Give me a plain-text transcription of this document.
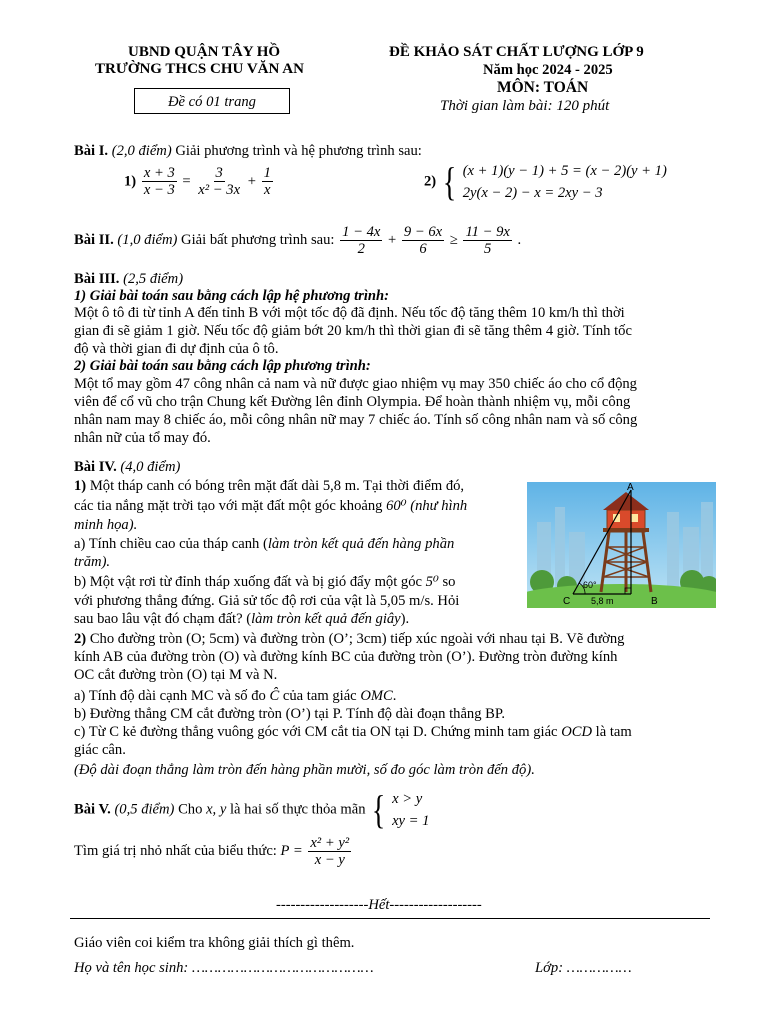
UBND QUẬN TÂY HỒ
TRƯỜNG THCS CHU VĂN AN
Đề có 01 trang
ĐỀ KHẢO SÁT CHẤT LƯỢNG LỚP 9
Năm học 2024 - 2025
MÔN: TOÁN
Thời gian làm bài: 120 phút
Bài I. (2,0 điểm) Giải phương trình và hệ phương trình sau:
$1) \frac{x + 3}{x - 3} = \frac{3}{\text{x² − 3x}} + \frac{1}{x}$	2) { (x + 1)(y − 1) + 5 = (x − 2)(y + 1)
2y(x − 2) − x = 2xy − 3
Bài II. (1,0 điểm) Giải bất phương trình sau: $\frac{1 - 4x}{2} + \frac{9 - 6x}{6} \ge \frac{11 - 9x}{5}$ .
Bài III. (2,5 điểm)
1) Giải bài toán sau bằng cách lập hệ phương trình:
Một ô tô đi từ tỉnh A đến tỉnh B với một tốc độ đã định. Nếu tốc độ tăng thêm 10 km/h thì thời
gian đi sẽ giảm 1 giờ. Nếu tốc độ giảm bớt 20 km/h thì thời gian đi sẽ tăng thêm 4 giờ. Tính tốc
độ và thời gian đi dự định của ô tô.
2) Giải bài toán sau bằng cách lập phương trình:
Một tổ may gồm 47 công nhân cả nam và nữ được giao nhiệm vụ may 350 chiếc áo cho cổ động
viên để cổ vũ cho trận Chung kết Đường lên đỉnh Olympia. Để hoàn thành nhiệm vụ, mỗi công
nhân nam may 8 chiếc áo, mỗi công nhân nữ may 7 chiếc áo. Tính số công nhân nam và số công
nhân nữ của tổ may đó.
Bài IV. (4,0 điểm)
1) Một tháp canh có bóng trên mặt đất dài 5,8 m. Tại thời điểm đó,
các tia nắng mặt trời tạo với mặt đất một góc khoảng 60⁰ (như hình
minh họa).
a) Tính chiều cao của tháp canh (làm tròn kết quả đến hàng phần
trăm).
b) Một vật rơi từ đỉnh tháp xuống đất và bị gió đẩy một góc 5⁰ so
với phương thẳng đứng. Giả sử tốc độ rơi của vật là 5,05 m/s. Hỏi
sau bao lâu vật đó chạm đất? (làm tròn kết quả đến giây).
A
B
C
60°
5,8 m
2) Cho đường tròn (O; 5cm) và đường tròn (O’; 3cm) tiếp xúc ngoài với nhau tại B. Vẽ đường
kính AB của đường tròn (O) và đường kính BC của đường tròn (O’). Đường tròn đường kính
OC cắt đường tròn (O) tại M và N.
a) Tính độ dài cạnh MC và số đo Ĉ của tam giác OMC.
b) Đường thẳng CM cắt đường tròn (O’) tại P. Tính độ dài đoạn thẳng BP.
c) Từ C kẻ đường thẳng vuông góc với CM cắt tia ON tại D. Chứng minh tam giác OCD là tam
giác cân.
(Độ dài đoạn thẳng làm tròn đến hàng phần mười, số đo góc làm tròn đến độ).
Bài V. (0,5 điểm) Cho x, y là hai số thực thỏa mãn { x > y
xy = 1
Tìm giá trị nhỏ nhất của biểu thức: $P = \frac{\text{x² + y²}}{x - y}$
-------------------Hết-------------------
Giáo viên coi kiểm tra không giải thích gì thêm.
Họ và tên học sinh: ……………………………………	Lớp: ……………
